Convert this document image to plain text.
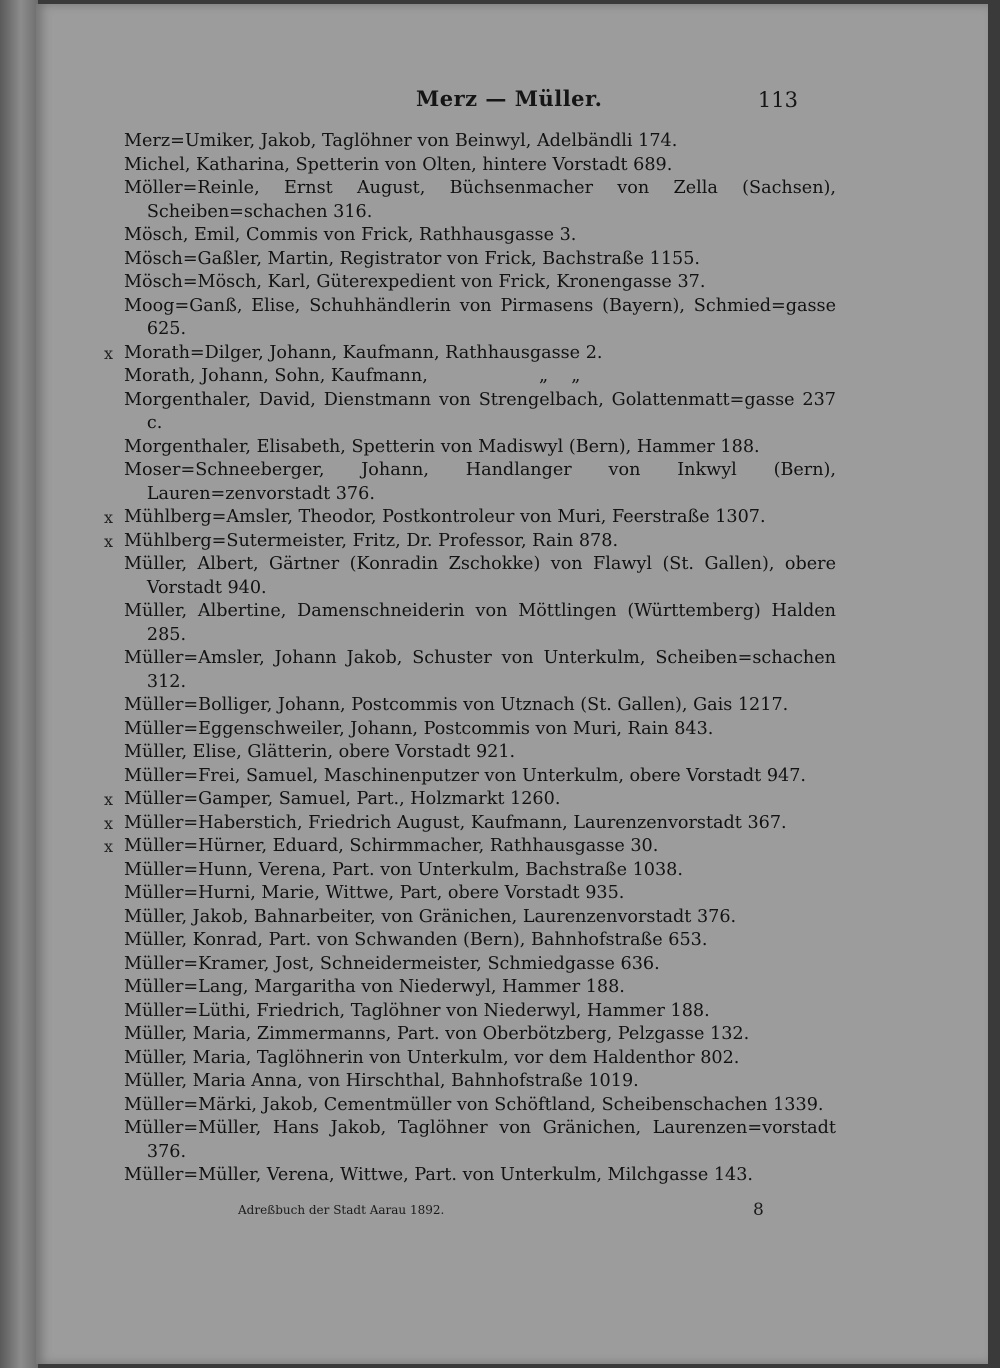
Merz — Müller.	113
Merz=Umiker, Jakob, Taglöhner von Beinwyl, Adelbändli 174.
Michel, Katharina, Spetterin von Olten, hintere Vorstadt 689.
Möller=Reinle, Ernst August, Büchsenmacher von Zella (Sachsen), Scheiben=schachen 316.
Mösch, Emil, Commis von Frick, Rathhausgasse 3.
Mösch=Gaßler, Martin, Registrator von Frick, Bachstraße 1155.
Mösch=Mösch, Karl, Güterexpedient von Frick, Kronengasse 37.
Moog=Ganß, Elise, Schuhhändlerin von Pirmasens (Bayern), Schmied=gasse 625.
x Morath=Dilger, Johann, Kaufmann, Rathhausgasse 2.
Morath, Johann, Sohn, Kaufmann,       „  „
Morgenthaler, David, Dienstmann von Strengelbach, Golattenmatt=gasse 237 c.
Morgenthaler, Elisabeth, Spetterin von Madiswyl (Bern), Hammer 188.
Moser=Schneeberger, Johann, Handlanger von Inkwyl (Bern), Lauren=zenvorstadt 376.
x Mühlberg=Amsler, Theodor, Postkontroleur von Muri, Feerstraße 1307.
x Mühlberg=Sutermeister, Fritz, Dr. Professor, Rain 878.
Müller, Albert, Gärtner (Konradin Zschokke) von Flawyl (St. Gallen), obere Vorstadt 940.
Müller, Albertine, Damenschneiderin von Möttlingen (Württemberg) Halden 285.
Müller=Amsler, Johann Jakob, Schuster von Unterkulm, Scheiben=schachen 312.
Müller=Bolliger, Johann, Postcommis von Utznach (St. Gallen), Gais 1217.
Müller=Eggenschweiler, Johann, Postcommis von Muri, Rain 843.
Müller, Elise, Glätterin, obere Vorstadt 921.
Müller=Frei, Samuel, Maschinenputzer von Unterkulm, obere Vorstadt 947.
x Müller=Gamper, Samuel, Part., Holzmarkt 1260.
x Müller=Haberstich, Friedrich August, Kaufmann, Laurenzenvorstadt 367.
x Müller=Hürner, Eduard, Schirmmacher, Rathhausgasse 30.
Müller=Hunn, Verena, Part. von Unterkulm, Bachstraße 1038.
Müller=Hurni, Marie, Wittwe, Part, obere Vorstadt 935.
Müller, Jakob, Bahnarbeiter, von Gränichen, Laurenzenvorstadt 376.
Müller, Konrad, Part. von Schwanden (Bern), Bahnhofstraße 653.
Müller=Kramer, Jost, Schneidermeister, Schmiedgasse 636.
Müller=Lang, Margaritha von Niederwyl, Hammer 188.
Müller=Lüthi, Friedrich, Taglöhner von Niederwyl, Hammer 188.
Müller, Maria, Zimmermanns, Part. von Oberbötzberg, Pelzgasse 132.
Müller, Maria, Taglöhnerin von Unterkulm, vor dem Haldenthor 802.
Müller, Maria Anna, von Hirschthal, Bahnhofstraße 1019.
Müller=Märki, Jakob, Cementmüller von Schöftland, Scheibenschachen 1339.
Müller=Müller, Hans Jakob, Taglöhner von Gränichen, Laurenzen=vorstadt 376.
Müller=Müller, Verena, Wittwe, Part. von Unterkulm, Milchgasse 143.
Adreßbuch der Stadt Aarau 1892.	8
